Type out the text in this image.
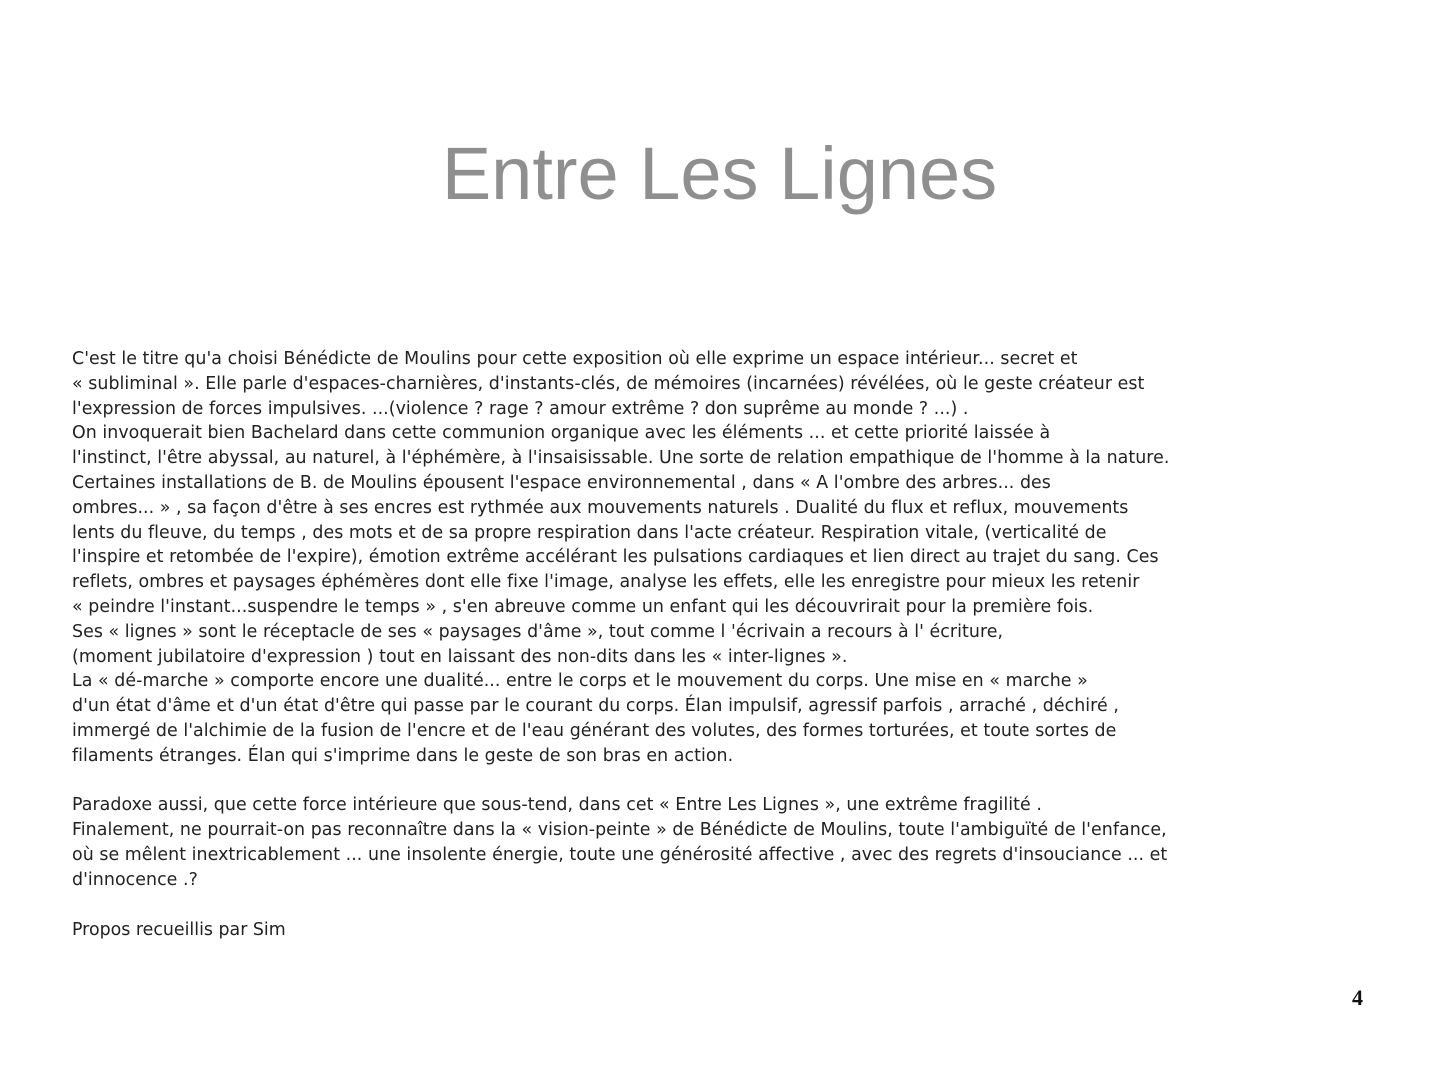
Entre Les Lignes
C'est le titre qu'a choisi Bénédicte de Moulins pour cette exposition où elle exprime un espace intérieur... secret et
« subliminal ». Elle parle d'espaces-charnières, d'instants-clés, de mémoires (incarnées) révélées, où le geste créateur est
l'expression de forces impulsives. ...(violence ? rage ? amour extrême ? don suprême au monde ? ...) .
On invoquerait bien Bachelard dans cette communion organique avec les éléments ... et cette priorité laissée à
l'instinct, l'être abyssal, au naturel, à l'éphémère, à l'insaisissable. Une sorte de relation empathique de l'homme à la nature.
Certaines installations de B. de Moulins épousent l'espace environnemental , dans « A l'ombre des arbres... des
ombres... » , sa façon d'être à ses encres est rythmée aux mouvements naturels . Dualité du flux et reflux, mouvements
lents du fleuve, du temps , des mots et de sa propre respiration dans l'acte créateur. Respiration vitale, (verticalité de
l'inspire et retombée de l'expire), émotion extrême accélérant les pulsations cardiaques et lien direct au trajet du sang. Ces
reflets, ombres et paysages éphémères dont elle fixe l'image, analyse les effets, elle les enregistre pour mieux les retenir
« peindre l'instant...suspendre le temps » , s'en abreuve comme un enfant qui les découvrirait pour la première fois.
Ses « lignes » sont le réceptacle de ses « paysages d'âme », tout comme l 'écrivain a recours à l' écriture,
(moment jubilatoire d'expression ) tout en laissant des non-dits dans les « inter-lignes ».
La « dé-marche » comporte encore une dualité... entre le corps et le mouvement du corps. Une mise en « marche »
d'un état d'âme et d'un état d'être qui passe par le courant du corps. Élan impulsif, agressif parfois , arraché , déchiré ,
immergé de l'alchimie de la fusion de l'encre et de l'eau générant des volutes, des formes torturées, et toute sortes de
filaments étranges. Élan qui s'imprime dans le geste de son bras en action.
Paradoxe aussi, que cette force intérieure que sous-tend, dans cet « Entre Les Lignes », une extrême fragilité .
Finalement, ne pourrait-on pas reconnaître dans la « vision-peinte » de Bénédicte de Moulins, toute l'ambiguïté de l'enfance,
où se mêlent inextricablement ... une insolente énergie, toute une générosité affective , avec des regrets d'insouciance ... et
d'innocence .?
Propos recueillis par Sim
4
